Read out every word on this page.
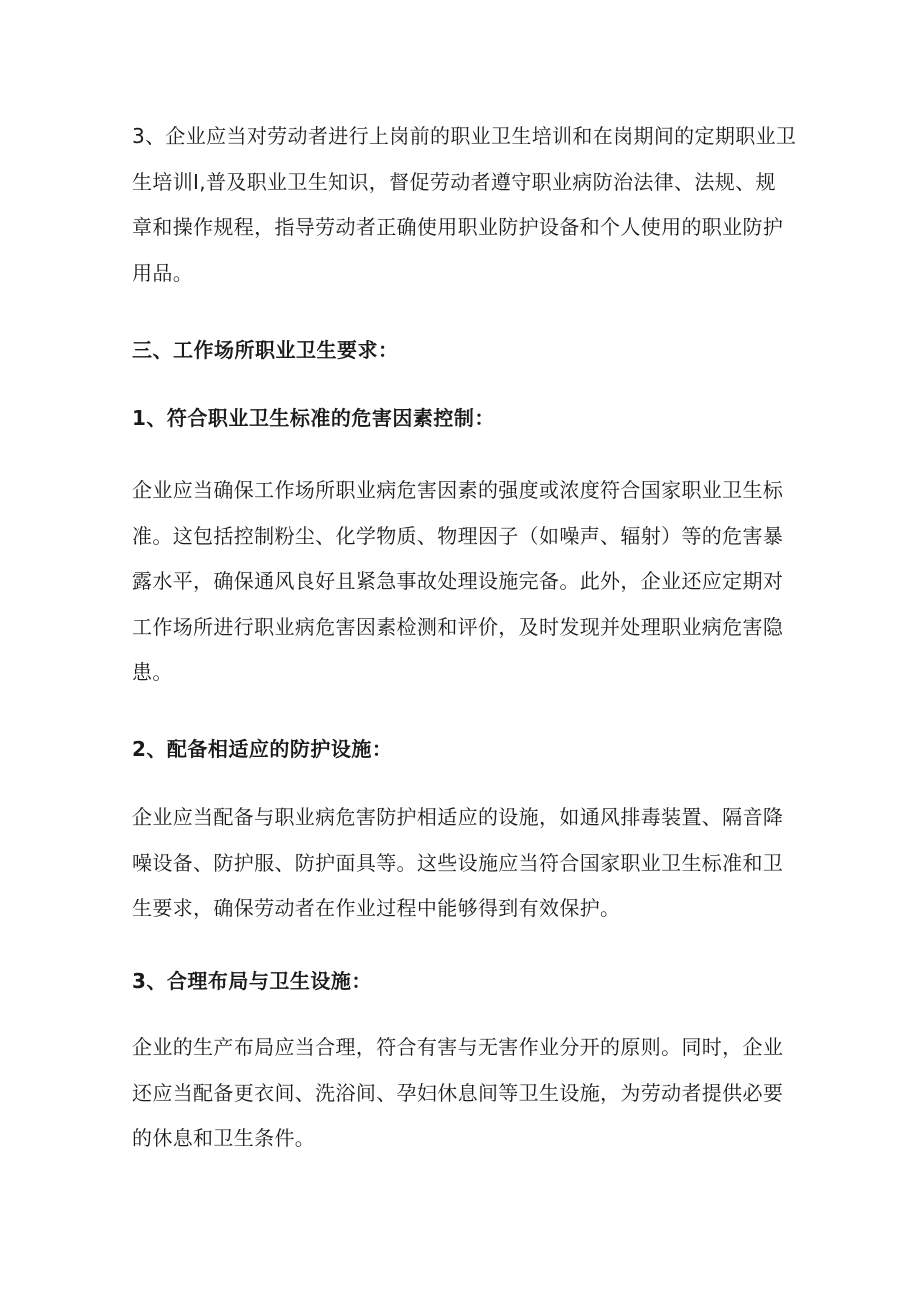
3、企业应当对劳动者进行上岗前的职业卫生培训和在岗期间的定期职业卫
生培训I,普及职业卫生知识，督促劳动者遵守职业病防治法律、法规、规
章和操作规程，指导劳动者正确使用职业防护设备和个人使用的职业防护
用品。

三、工作场所职业卫生要求：
1、符合职业卫生标准的危害因素控制：

企业应当确保工作场所职业病危害因素的强度或浓度符合国家职业卫生标
准。这包括控制粉尘、化学物质、物理因子（如噪声、辐射）等的危害暴
露水平，确保通风良好且紧急事故处理设施完备。此外，企业还应定期对
工作场所进行职业病危害因素检测和评价，及时发现并处理职业病危害隐
患。

2、配备相适应的防护设施：

企业应当配备与职业病危害防护相适应的设施，如通风排毒装置、隔音降
噪设备、防护服、防护面具等。这些设施应当符合国家职业卫生标准和卫
生要求，确保劳动者在作业过程中能够得到有效保护。

3、合理布局与卫生设施：

企业的生产布局应当合理，符合有害与无害作业分开的原则。同时，企业
还应当配备更衣间、洗浴间、孕妇休息间等卫生设施，为劳动者提供必要
的休息和卫生条件。
